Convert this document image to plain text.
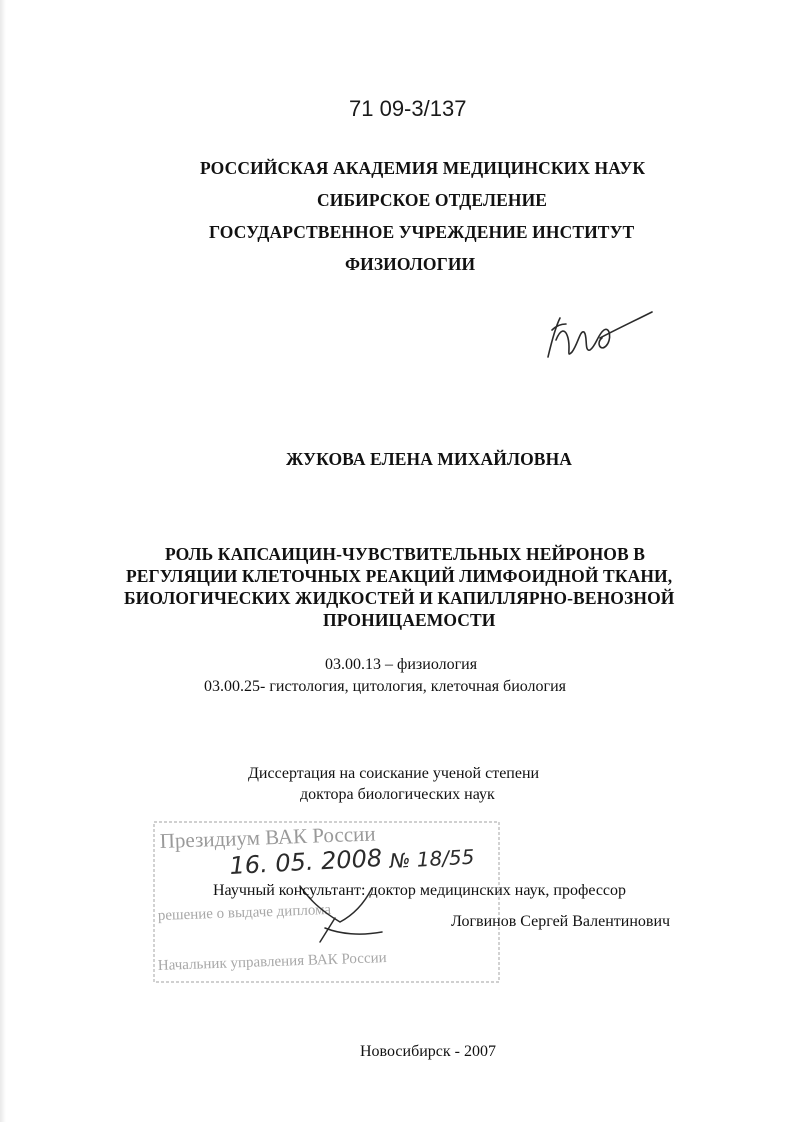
71 09-3/137
РОССИЙСКАЯ АКАДЕМИЯ МЕДИЦИНСКИХ НАУК
СИБИРСКОЕ ОТДЕЛЕНИЕ
ГОСУДАРСТВЕННОЕ УЧРЕЖДЕНИЕ ИНСТИТУТ
ФИЗИОЛОГИИ
ЖУКОВА ЕЛЕНА МИХАЙЛОВНА
РОЛЬ КАПСАИЦИН-ЧУВСТВИТЕЛЬНЫХ НЕЙРОНОВ В
РЕГУЛЯЦИИ КЛЕТОЧНЫХ РЕАКЦИЙ ЛИМФОИДНОЙ ТКАНИ,
БИОЛОГИЧЕСКИХ ЖИДКОСТЕЙ И КАПИЛЛЯРНО-ВЕНОЗНОЙ
ПРОНИЦАЕМОСТИ
03.00.13 – физиология
03.00.25- гистология, цитология, клеточная биология
Диссертация на соискание ученой степени
доктора биологических наук
Президиум ВАК России
16. 05. 2008 № 18/55
решение о выдаче диплома
Начальник управления ВАК России
Научный консультант: доктор медицинских наук, профессор
Логвинов Сергей Валентинович
Новосибирск - 2007
